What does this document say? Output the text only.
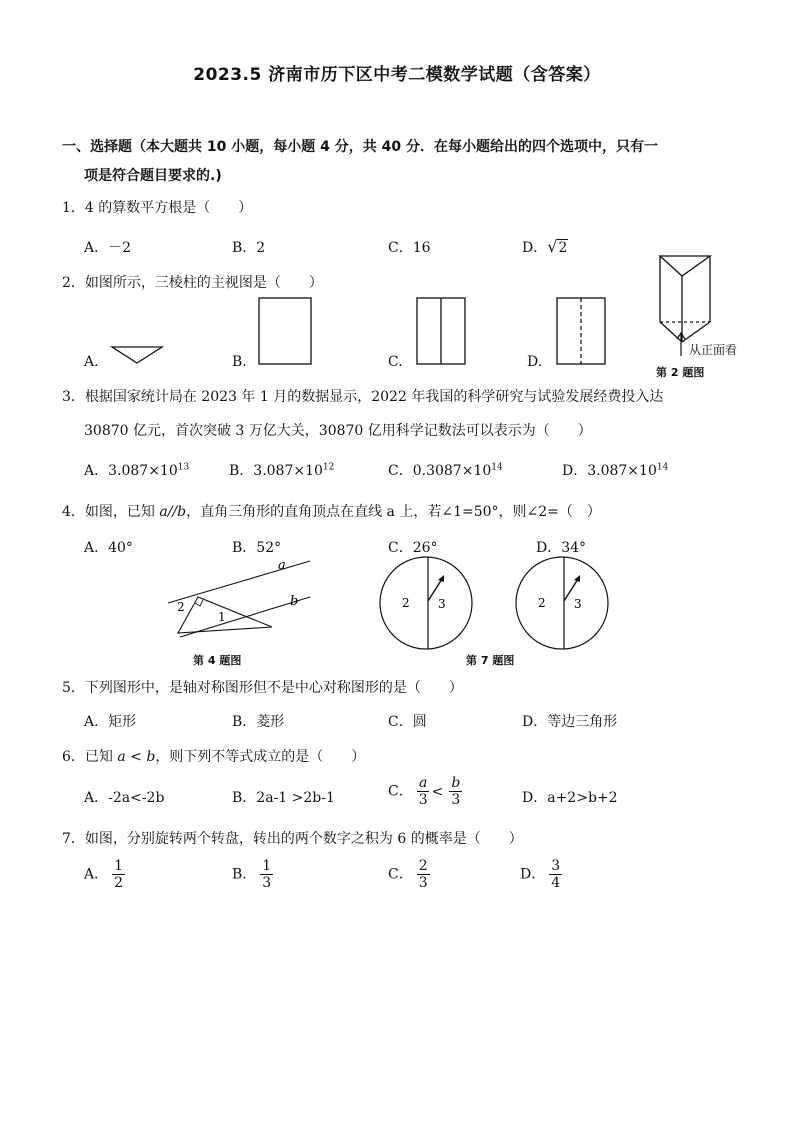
2023.5 济南市历下区中考二模数学试题（含答案）
一、选择题（本大题共 10 小题，每小题 4 分，共 40 分．在每小题给出的四个选项中，只有一
项是符合题目要求的.)
1．4 的算数平方根是（　　）
A．－2	B．2	C．16	D．√2
2．如图所示，三棱柱的主视图是（　　）
A.	B.	C.	D.
从正面看
第 2 题图
3．根据国家统计局在 2023 年 1 月的数据显示，2022 年我国的科学研究与试验发展经费投入达
30870 亿元，首次突破 3 万亿大关，30870 亿用科学记数法可以表示为（　　）
A．$3.087\times 10^{13}$	B．$3.087\times 10^{12}$	C．$0.3087\times 10^{14}$	D．$3.087\times 10^{14}$
4．如图，已知 a//b，直角三角形的直角顶点在直线 a 上，若∠1=50°，则∠2=（　）
A．40°	B．52°	C．26°	D．34°
a
b
2
1
第 4 题图
2 3	2 3
第 7 题图
5．下列图形中，是轴对称图形但不是中心对称图形的是（　　）
A．矩形	B．菱形	C．圆	D．等边三角形
6．已知 a < b，则下列不等式成立的是（　　）
A．-2a<-2b	B．2a-1 >2b-1	C． $\frac{a}{3} < \frac{b}{3}$	D．a+2>b+2
7．如图，分别旋转两个转盘，转出的两个数字之积为 6 的概率是（　　）
A． $\frac{1}{2}$	B． $\frac{1}{3}$	C． $\frac{2}{3}$	D． $\frac{3}{4}$
